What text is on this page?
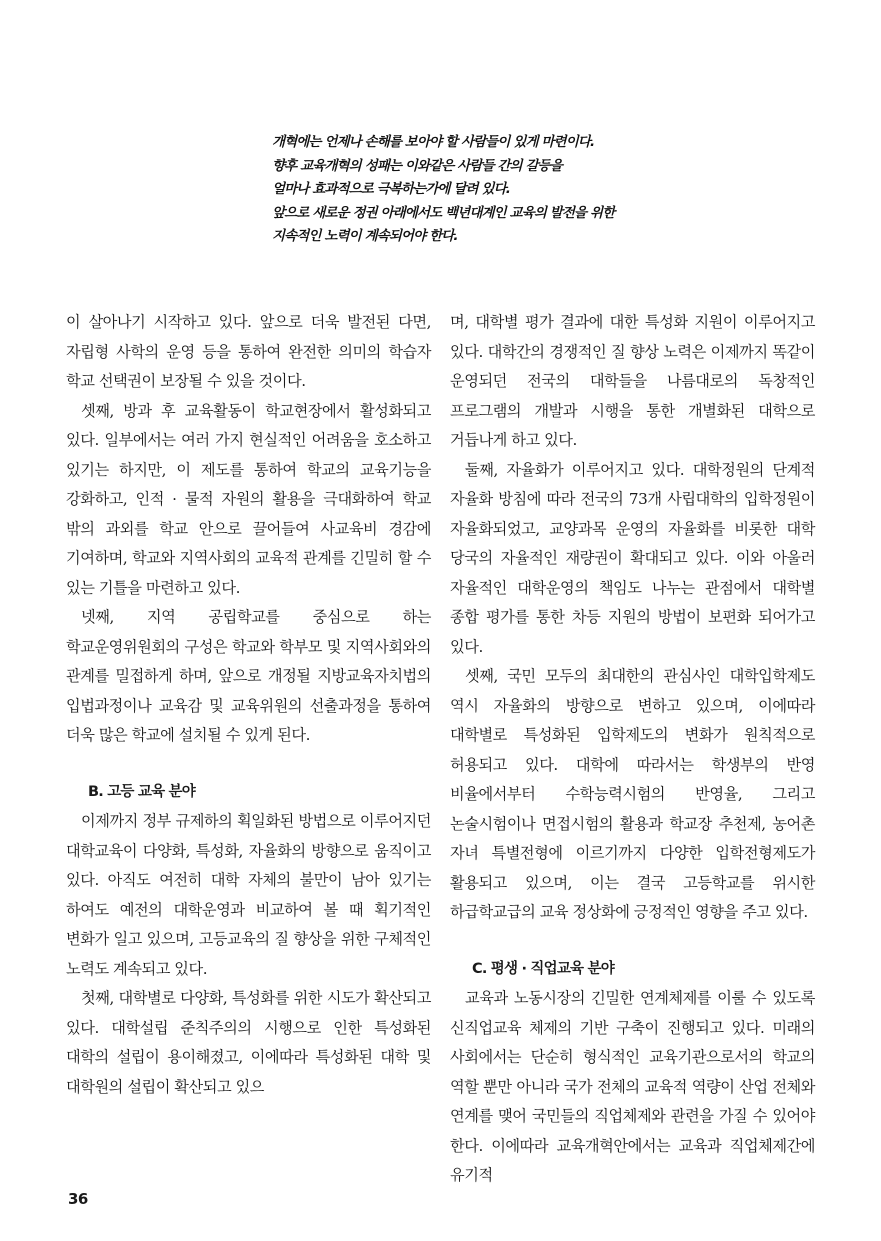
개혁에는 언제나 손해를 보아야 할 사람들이 있게 마련이다.
향후 교육개혁의 성패는 이와같은 사람들 간의 갈등을
얼마나 효과적으로 극복하는가에 달려 있다.
앞으로 새로운 정권 아래에서도 백년대계인 교육의 발전을 위한
지속적인 노력이 계속되어야 한다.

이 살아나기 시작하고 있다. 앞으로 더욱 발전된 다면, 자립형 사학의 운영 등을 통하여 완전한 의미의 학습자 학교 선택권이 보장될 수 있을 것이다.

셋째, 방과 후 교육활동이 학교현장에서 활성화되고 있다. 일부에서는 여러 가지 현실적인 어려움을 호소하고 있기는 하지만, 이 제도를 통하여 학교의 교육기능을 강화하고, 인적 · 물적 자원의 활용을 극대화하여 학교 밖의 과외를 학교 안으로 끌어들여 사교육비 경감에 기여하며, 학교와 지역사회의 교육적 관계를 긴밀히 할 수 있는 기틀을 마련하고 있다.

넷째, 지역 공립학교를 중심으로 하는 학교운영위원회의 구성은 학교와 학부모 및 지역사회와의 관계를 밀접하게 하며, 앞으로 개정될 지방교육자치법의 입법과정이나 교육감 및 교육위원의 선출과정을 통하여 더욱 많은 학교에 설치될 수 있게 된다.

B. 고등 교육 분야

이제까지 정부 규제하의 획일화된 방법으로 이루어지던 대학교육이 다양화, 특성화, 자율화의 방향으로 움직이고 있다. 아직도 여전히 대학 자체의 불만이 남아 있기는 하여도 예전의 대학운영과 비교하여 볼 때 획기적인 변화가 일고 있으며, 고등교육의 질 향상을 위한 구체적인 노력도 계속되고 있다.

첫째, 대학별로 다양화, 특성화를 위한 시도가 확산되고 있다. 대학설립 준칙주의의 시행으로 인한 특성화된 대학의 설립이 용이해졌고, 이에따라 특성화된 대학 및 대학원의 설립이 확산되고 있으

며, 대학별 평가 결과에 대한 특성화 지원이 이루어지고 있다. 대학간의 경쟁적인 질 향상 노력은 이제까지 똑같이 운영되던 전국의 대학들을 나름대로의 독창적인 프로그램의 개발과 시행을 통한 개별화된 대학으로 거듭나게 하고 있다.

둘째, 자율화가 이루어지고 있다. 대학정원의 단계적 자율화 방침에 따라 전국의 73개 사립대학의 입학정원이 자율화되었고, 교양과목 운영의 자율화를 비롯한 대학 당국의 자율적인 재량권이 확대되고 있다. 이와 아울러 자율적인 대학운영의 책임도 나누는 관점에서 대학별 종합 평가를 통한 차등 지원의 방법이 보편화 되어가고 있다.

셋째, 국민 모두의 최대한의 관심사인 대학입학제도 역시 자율화의 방향으로 변하고 있으며, 이에따라 대학별로 특성화된 입학제도의 변화가 원칙적으로 허용되고 있다. 대학에 따라서는 학생부의 반영 비율에서부터 수학능력시험의 반영율, 그리고 논술시험이나 면접시험의 활용과 학교장 추천제, 농어촌 자녀 특별전형에 이르기까지 다양한 입학전형제도가 활용되고 있으며, 이는 결국 고등학교를 위시한 하급학교급의 교육 정상화에 긍정적인 영향을 주고 있다.

C. 평생 · 직업교육 분야

교육과 노동시장의 긴밀한 연계체제를 이룰 수 있도록 신직업교육 체제의 기반 구축이 진행되고 있다. 미래의 사회에서는 단순히 형식적인 교육기관으로서의 학교의 역할 뿐만 아니라 국가 전체의 교육적 역량이 산업 전체와 연계를 맺어 국민들의 직업체제와 관련을 가질 수 있어야 한다. 이에따라 교육개혁안에서는 교육과 직업체제간에 유기적

36
